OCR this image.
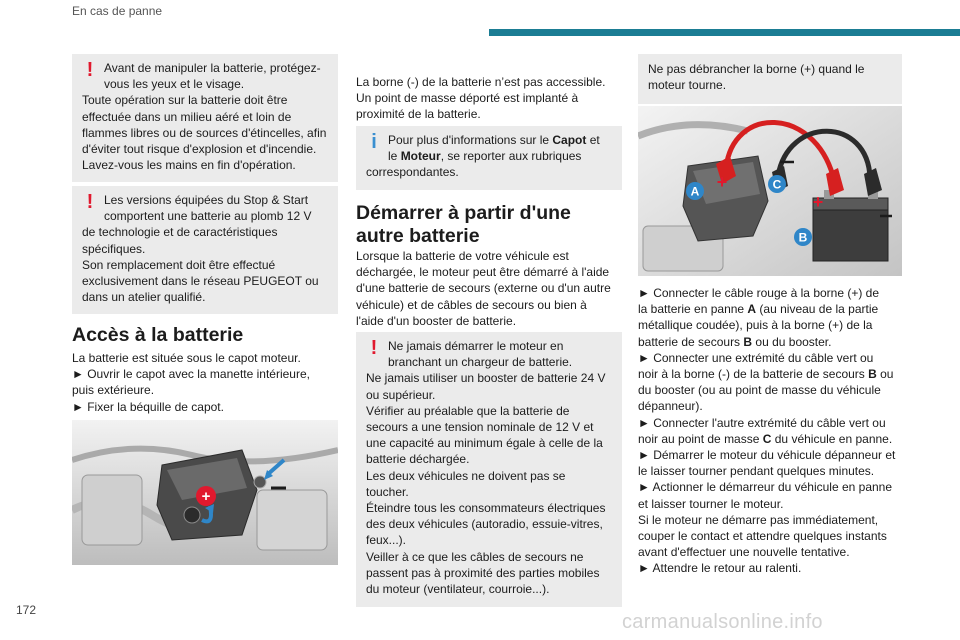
En cas de panne
! Avant de manipuler la batterie, protégez-
vous les yeux et le visage.
Toute opération sur la batterie doit être
effectuée dans un milieu aéré et loin de
flammes libres ou de sources d'étincelles, afin
d'éviter tout risque d'explosion et d'incendie.
Lavez-vous les mains en fin d'opération.
! Les versions équipées du Stop & Start
comportent une batterie au plomb 12 V
de technologie et de caractéristiques
spécifiques.
Son remplacement doit être effectué
exclusivement dans le réseau PEUGEOT ou
dans un atelier qualifié.
Accès à la batterie

La batterie est située sous le capot moteur.

► Ouvrir le capot avec la manette intérieure,

puis extérieure.

► Fixer la béquille de capot.

+

La borne (-) de la batterie n’est pas accessible.

Un point de masse déporté est implanté à

proximité de la batterie.

i Pour plus d'informations sur le Capot et
le Moteur, se reporter aux rubriques
correspondantes.
Démarrer à partir d'une
autre batterie

Lorsque la batterie de votre véhicule est

déchargée, le moteur peut être démarré à l'aide

d'une batterie de secours (externe ou d'un autre

véhicule) et de câbles de secours ou bien à

l'aide d'un booster de batterie.

! Ne jamais démarrer le moteur en
branchant un chargeur de batterie.
Ne jamais utiliser un booster de batterie 24 V
ou supérieur.
Vérifier au préalable que la batterie de
secours a une tension nominale de 12 V et
une capacité au minimum égale à celle de la
batterie déchargée.
Les deux véhicules ne doivent pas se
toucher.
Éteindre tous les consommateurs électriques
des deux véhicules (autoradio, essuie-vitres,
feux...).
Veiller à ce que les câbles de secours ne
passent pas à proximité des parties mobiles
du moteur (ventilateur, courroie...).
Ne pas débrancher la borne (+) quand le
moteur tourne.
+
+
A	C
B

► Connecter le câble rouge à la borne (+) de

la batterie en panne A (au niveau de la partie

métallique coudée), puis à la borne (+) de la

batterie de secours B ou du booster.

► Connecter une extrémité du câble vert ou

noir à la borne (-) de la batterie de secours B ou

du booster (ou au point de masse du véhicule

dépanneur).

► Connecter l'autre extrémité du câble vert ou

noir au point de masse C du véhicule en panne.

► Démarrer le moteur du véhicule dépanneur et

le laisser tourner pendant quelques minutes.

► Actionner le démarreur du véhicule en panne

et laisser tourner le moteur.

Si le moteur ne démarre pas immédiatement,

couper le contact et attendre quelques instants

avant d'effectuer une nouvelle tentative.

► Attendre le retour au ralenti.

172
carmanualsonline.info
